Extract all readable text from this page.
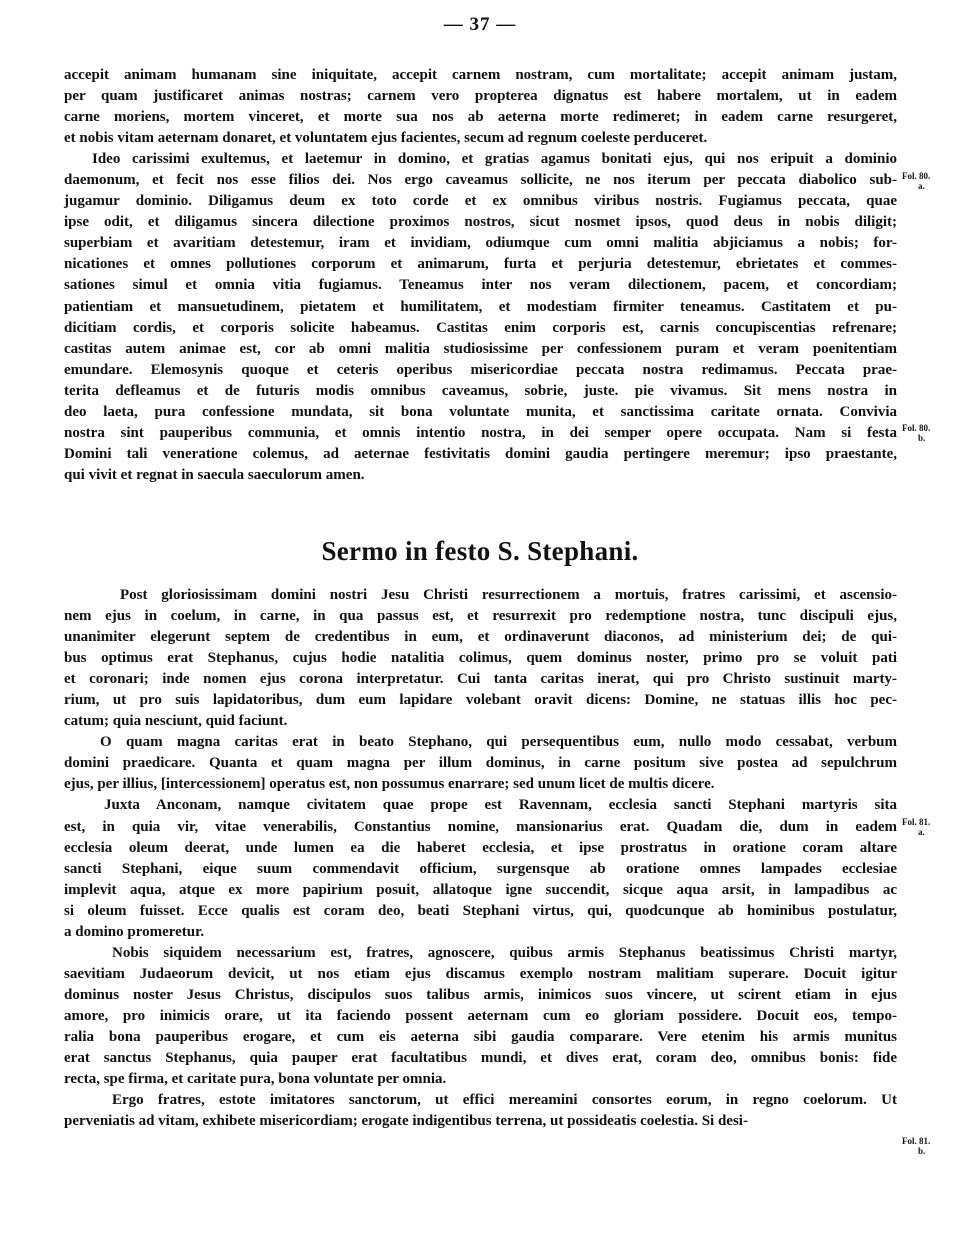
— 37 —
accepit animam humanam sine iniquitate, accepit carnem nostram, cum mortalitate; accepit animam justam,
per quam justificaret animas nostras; carnem vero propterea dignatus est habere mortalem, ut in eadem
carne moriens, mortem vinceret, et morte sua nos ab aeterna morte redimeret; in eadem carne resurgeret,
et nobis vitam aeternam donaret, et voluntatem ejus facientes, secum ad regnum coeleste perduceret.
Ideo carissimi exultemus, et laetemur in domino, et gratias agamus bonitati ejus, qui nos eripuit a dominio
daemonum, et fecit nos esse filios dei. Nos ergo caveamus sollicite, ne nos iterum per peccata diabolico sub-
jugamur dominio. Diligamus deum ex toto corde et ex omnibus viribus nostris. Fugiamus peccata, quae
ipse odit, et diligamus sincera dilectione proximos nostros, sicut nosmet ipsos, quod deus in nobis diligit;
superbiam et avaritiam detestemur, iram et invidiam, odiumque cum omni malitia abjiciamus a nobis; for-
nicationes et omnes pollutiones corporum et animarum, furta et perjuria detestemur, ebrietates et commes-
sationes simul et omnia vitia fugiamus. Teneamus inter nos veram dilectionem, pacem, et concordiam;
patientiam et mansuetudinem, pietatem et humilitatem, et modestiam firmiter teneamus. Castitatem et pu-
dicitiam cordis, et corporis solicite habeamus. Castitas enim corporis est, carnis concupiscentias refrenare;
castitas autem animae est, cor ab omni malitia studiosissime per confessionem puram et veram poenitentiam
emundare. Elemosynis quoque et ceteris operibus misericordiae peccata nostra redimamus. Peccata prae-
terita defleamus et de futuris modis omnibus caveamus, sobrie, juste. pie vivamus. Sit mens nostra in
deo laeta, pura confessione mundata, sit bona voluntate munita, et sanctissima caritate ornata. Convivia
nostra sint pauperibus communia, et omnis intentio nostra, in dei semper opere occupata. Nam si festa
Domini tali veneratione colemus, ad aeternae festivitatis domini gaudia pertingere meremur; ipso praestante,
qui vivit et regnat in saecula saeculorum amen.
Sermo in festo S. Stephani.
Post gloriosissimam domini nostri Jesu Christi resurrectionem a mortuis, fratres carissimi, et ascensio-
nem ejus in coelum, in carne, in qua passus est, et resurrexit pro redemptione nostra, tunc discipuli ejus,
unanimiter elegerunt septem de credentibus in eum, et ordinaverunt diaconos, ad ministerium dei; de qui-
bus optimus erat Stephanus, cujus hodie natalitia colimus, quem dominus noster, primo pro se voluit pati
et coronari; inde nomen ejus corona interpretatur. Cui tanta caritas inerat, qui pro Christo sustinuit marty-
rium, ut pro suis lapidatoribus, dum eum lapidare volebant oravit dicens: Domine, ne statuas illis hoc pec-
catum; quia nesciunt, quid faciunt.
O quam magna caritas erat in beato Stephano, qui persequentibus eum, nullo modo cessabat, verbum
domini praedicare. Quanta et quam magna per illum dominus, in carne positum sive postea ad sepulchrum
ejus, per illius, [intercessionem] operatus est, non possumus enarrare; sed unum licet de multis dicere.
Juxta Anconam, namque civitatem quae prope est Ravennam, ecclesia sancti Stephani martyris sita
est, in quia vir, vitae venerabilis, Constantius nomine, mansionarius erat. Quadam die, dum in eadem
ecclesia oleum deerat, unde lumen ea die haberet ecclesia, et ipse prostratus in oratione coram altare
sancti Stephani, eique suum commendavit officium, surgensque ab oratione omnes lampades ecclesiae
implevit aqua, atque ex more papirium posuit, allatoque igne succendit, sicque aqua arsit, in lampadibus ac
si oleum fuisset. Ecce qualis est coram deo, beati Stephani virtus, qui, quodcunque ab hominibus postulatur,
a domino promeretur.
Nobis siquidem necessarium est, fratres, agnoscere, quibus armis Stephanus beatissimus Christi martyr,
saevitiam Judaeorum devicit, ut nos etiam ejus discamus exemplo nostram malitiam superare. Docuit igitur
dominus noster Jesus Christus, discipulos suos talibus armis, inimicos suos vincere, ut scirent etiam in ejus
amore, pro inimicis orare, ut ita faciendo possent aeternam cum eo gloriam possidere. Docuit eos, tempo-
ralia bona pauperibus erogare, et cum eis aeterna sibi gaudia comparare. Vere etenim his armis munitus
erat sanctus Stephanus, quia pauper erat facultatibus mundi, et dives erat, coram deo, omnibus bonis: fide
recta, spe firma, et caritate pura, bona voluntate per omnia.
Ergo fratres, estote imitatores sanctorum, ut effici mereamini consortes eorum, in regno coelorum. Ut
perveniatis ad vitam, exhibete misericordiam; erogate indigentibus terrena, ut possideatis coelestia. Si desi-
Fol. 80.
a.
Fol. 80.
b.
Fol. 81.
a.
Fol. 81.
b.
